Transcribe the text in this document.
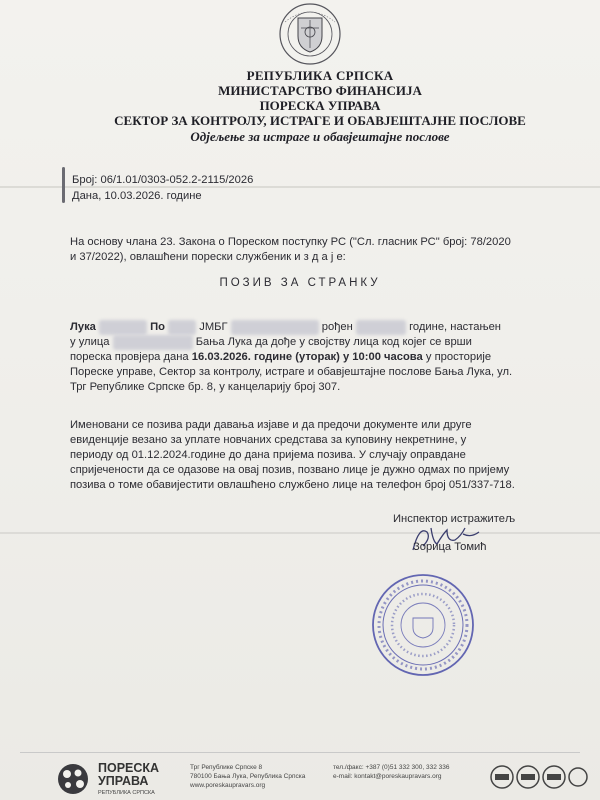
РЕПУБЛИКА СРПСКА
МИНИСТАРСТВО ФИНАНСИЈА
ПОРЕСКА УПРАВА
СЕКТОР ЗА КОНТРОЛУ, ИСТРАГЕ И ОБАВЈЕШТАЈНЕ ПОСЛОВЕ
Одјељење за истраге и обавјештајне послове
Број: 06/1.01/0303-052.2-2115/2026
Дана, 10.03.2026. године
На основу члана 23. Закона о Пореском поступку РС ("Сл. гласник РС" број: 78/2020
и 37/2022), овлашћени порески службеник и з д а ј е:
ПОЗИВ ЗА СТРАНКУ
Лука	По	ЈМБГ	рођен	године, настањен
у улица	Бања Лука да дође у својству лица код којег се врши
пореска провјера дана 16.03.2026. године (уторак) у 10:00 часова у просторије
Пореске управе, Сектор за контролу, истраге и обавјештајне послове Бања Лука, ул.
Трг Републике Српске бр. 8, у канцеларију број 307.
Именовани се позива ради давања изјаве и да предочи документе или друге
евиденције везано за уплате новчаних средстава за куповину некретнине, у
периоду од 01.12.2024.године до дана пријема позива. У случају оправдане
спријечености да се одазове на овај позив, позвано лице је дужно одмах по пријему
позива о томе обавијестити овлашћено службено лице на телефон број 051/337-718.
Инспектор истражитељ
Зорица Томић
ПОРЕСКА
УПРАВА
РЕПУБЛИКА СРПСКА
Трг Републике Српске 8
780100 Бања Лука, Република Српска
www.poreskaupravars.org
тел./факс: +387 (0)51 332 300, 332 336
e-mail: kontakt@poreskaupravars.org
